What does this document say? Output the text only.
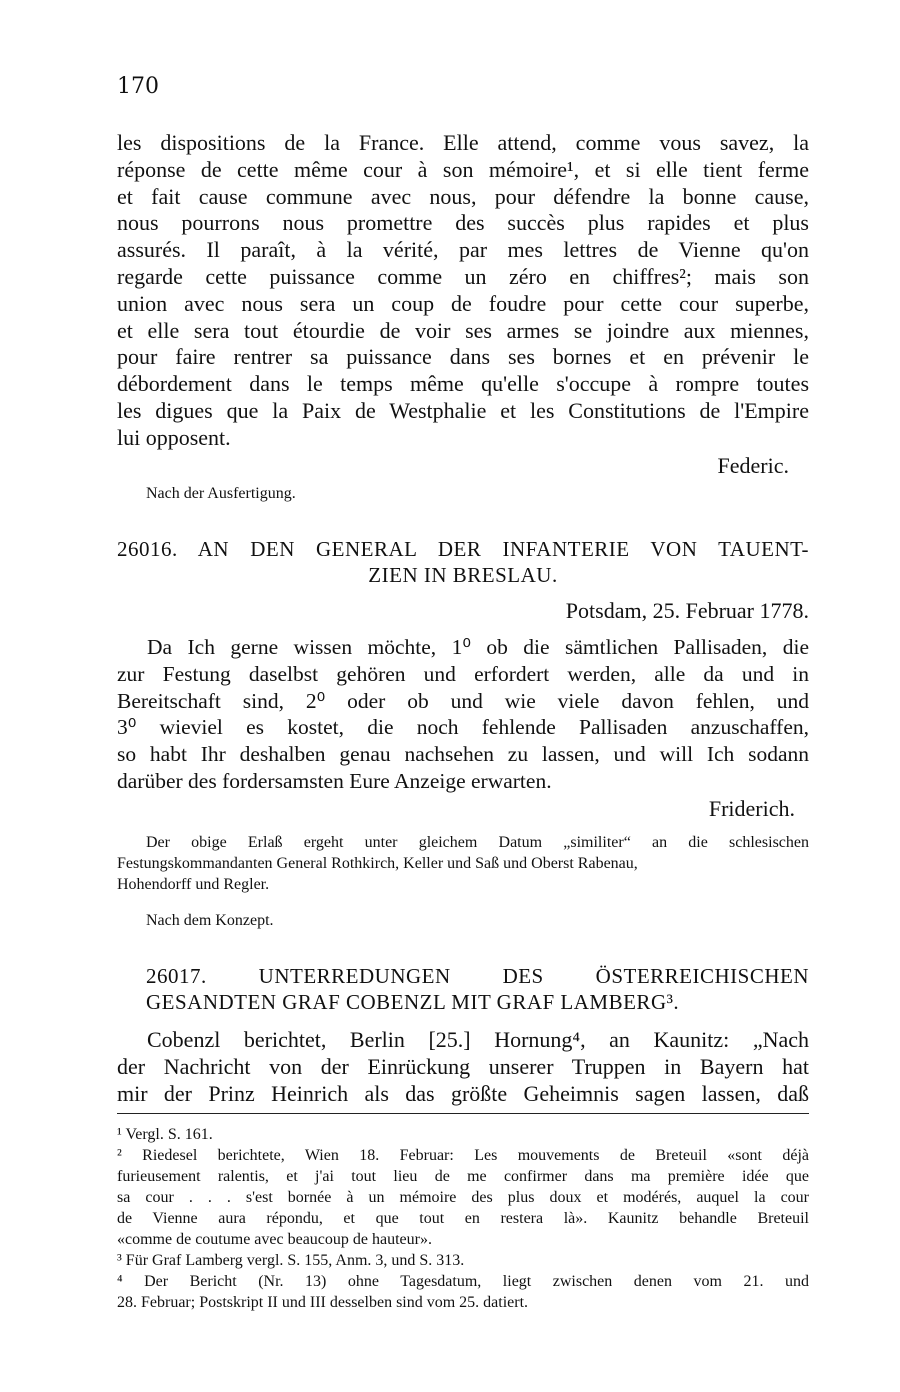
170
les dispositions de la France. Elle attend, comme vous savez, la
réponse de cette même cour à son mémoire¹, et si elle tient ferme
et fait cause commune avec nous, pour défendre la bonne cause,
nous pourrons nous promettre des succès plus rapides et plus
assurés. Il paraît, à la vérité, par mes lettres de Vienne qu'on
regarde cette puissance comme un zéro en chiffres²; mais son
union avec nous sera un coup de foudre pour cette cour superbe,
et elle sera tout étourdie de voir ses armes se joindre aux miennes,
pour faire rentrer sa puissance dans ses bornes et en prévenir le
débordement dans le temps même qu'elle s'occupe à rompre toutes
les digues que la Paix de Westphalie et les Constitutions de l'Empire
lui opposent.
Federic.
Nach der Ausfertigung.
26016. AN DEN GENERAL DER INFANTERIE VON TAUENT-
ZIEN IN BRESLAU.
Potsdam, 25. Februar 1778.
Da Ich gerne wissen möchte, 1⁰ ob die sämtlichen Pallisaden, die
zur Festung daselbst gehören und erfordert werden, alle da und in
Bereitschaft sind, 2⁰ oder ob und wie viele davon fehlen, und
3⁰ wieviel es kostet, die noch fehlende Pallisaden anzuschaffen,
so habt Ihr deshalben genau nachsehen zu lassen, und will Ich sodann
darüber des fordersamsten Eure Anzeige erwarten.
Friderich.
Der obige Erlaß ergeht unter gleichem Datum „similiter“ an die schlesischen
Festungskommandanten General Rothkirch, Keller und Saß und Oberst Rabenau,
Hohendorff und Regler.
Nach dem Konzept.
26017. UNTERREDUNGEN DES ÖSTERREICHISCHEN
GESANDTEN GRAF COBENZL MIT GRAF LAMBERG³.
Cobenzl berichtet, Berlin [25.] Hornung⁴, an Kaunitz: „Nach
der Nachricht von der Einrückung unserer Truppen in Bayern hat
mir der Prinz Heinrich als das größte Geheimnis sagen lassen, daß
¹ Vergl. S. 161.
² Riedesel berichtete, Wien 18. Februar: Les mouvements de Breteuil «sont déjà
furieusement ralentis, et j'ai tout lieu de me confirmer dans ma première idée que
sa cour . . . s'est bornée à un mémoire des plus doux et modérés, auquel la cour
de Vienne aura répondu, et que tout en restera là». Kaunitz behandle Breteuil
«comme de coutume avec beaucoup de hauteur».
³ Für Graf Lamberg vergl. S. 155, Anm. 3, und S. 313.
⁴ Der Bericht (Nr. 13) ohne Tagesdatum, liegt zwischen denen vom 21. und
28. Februar; Postskript II und III desselben sind vom 25. datiert.
